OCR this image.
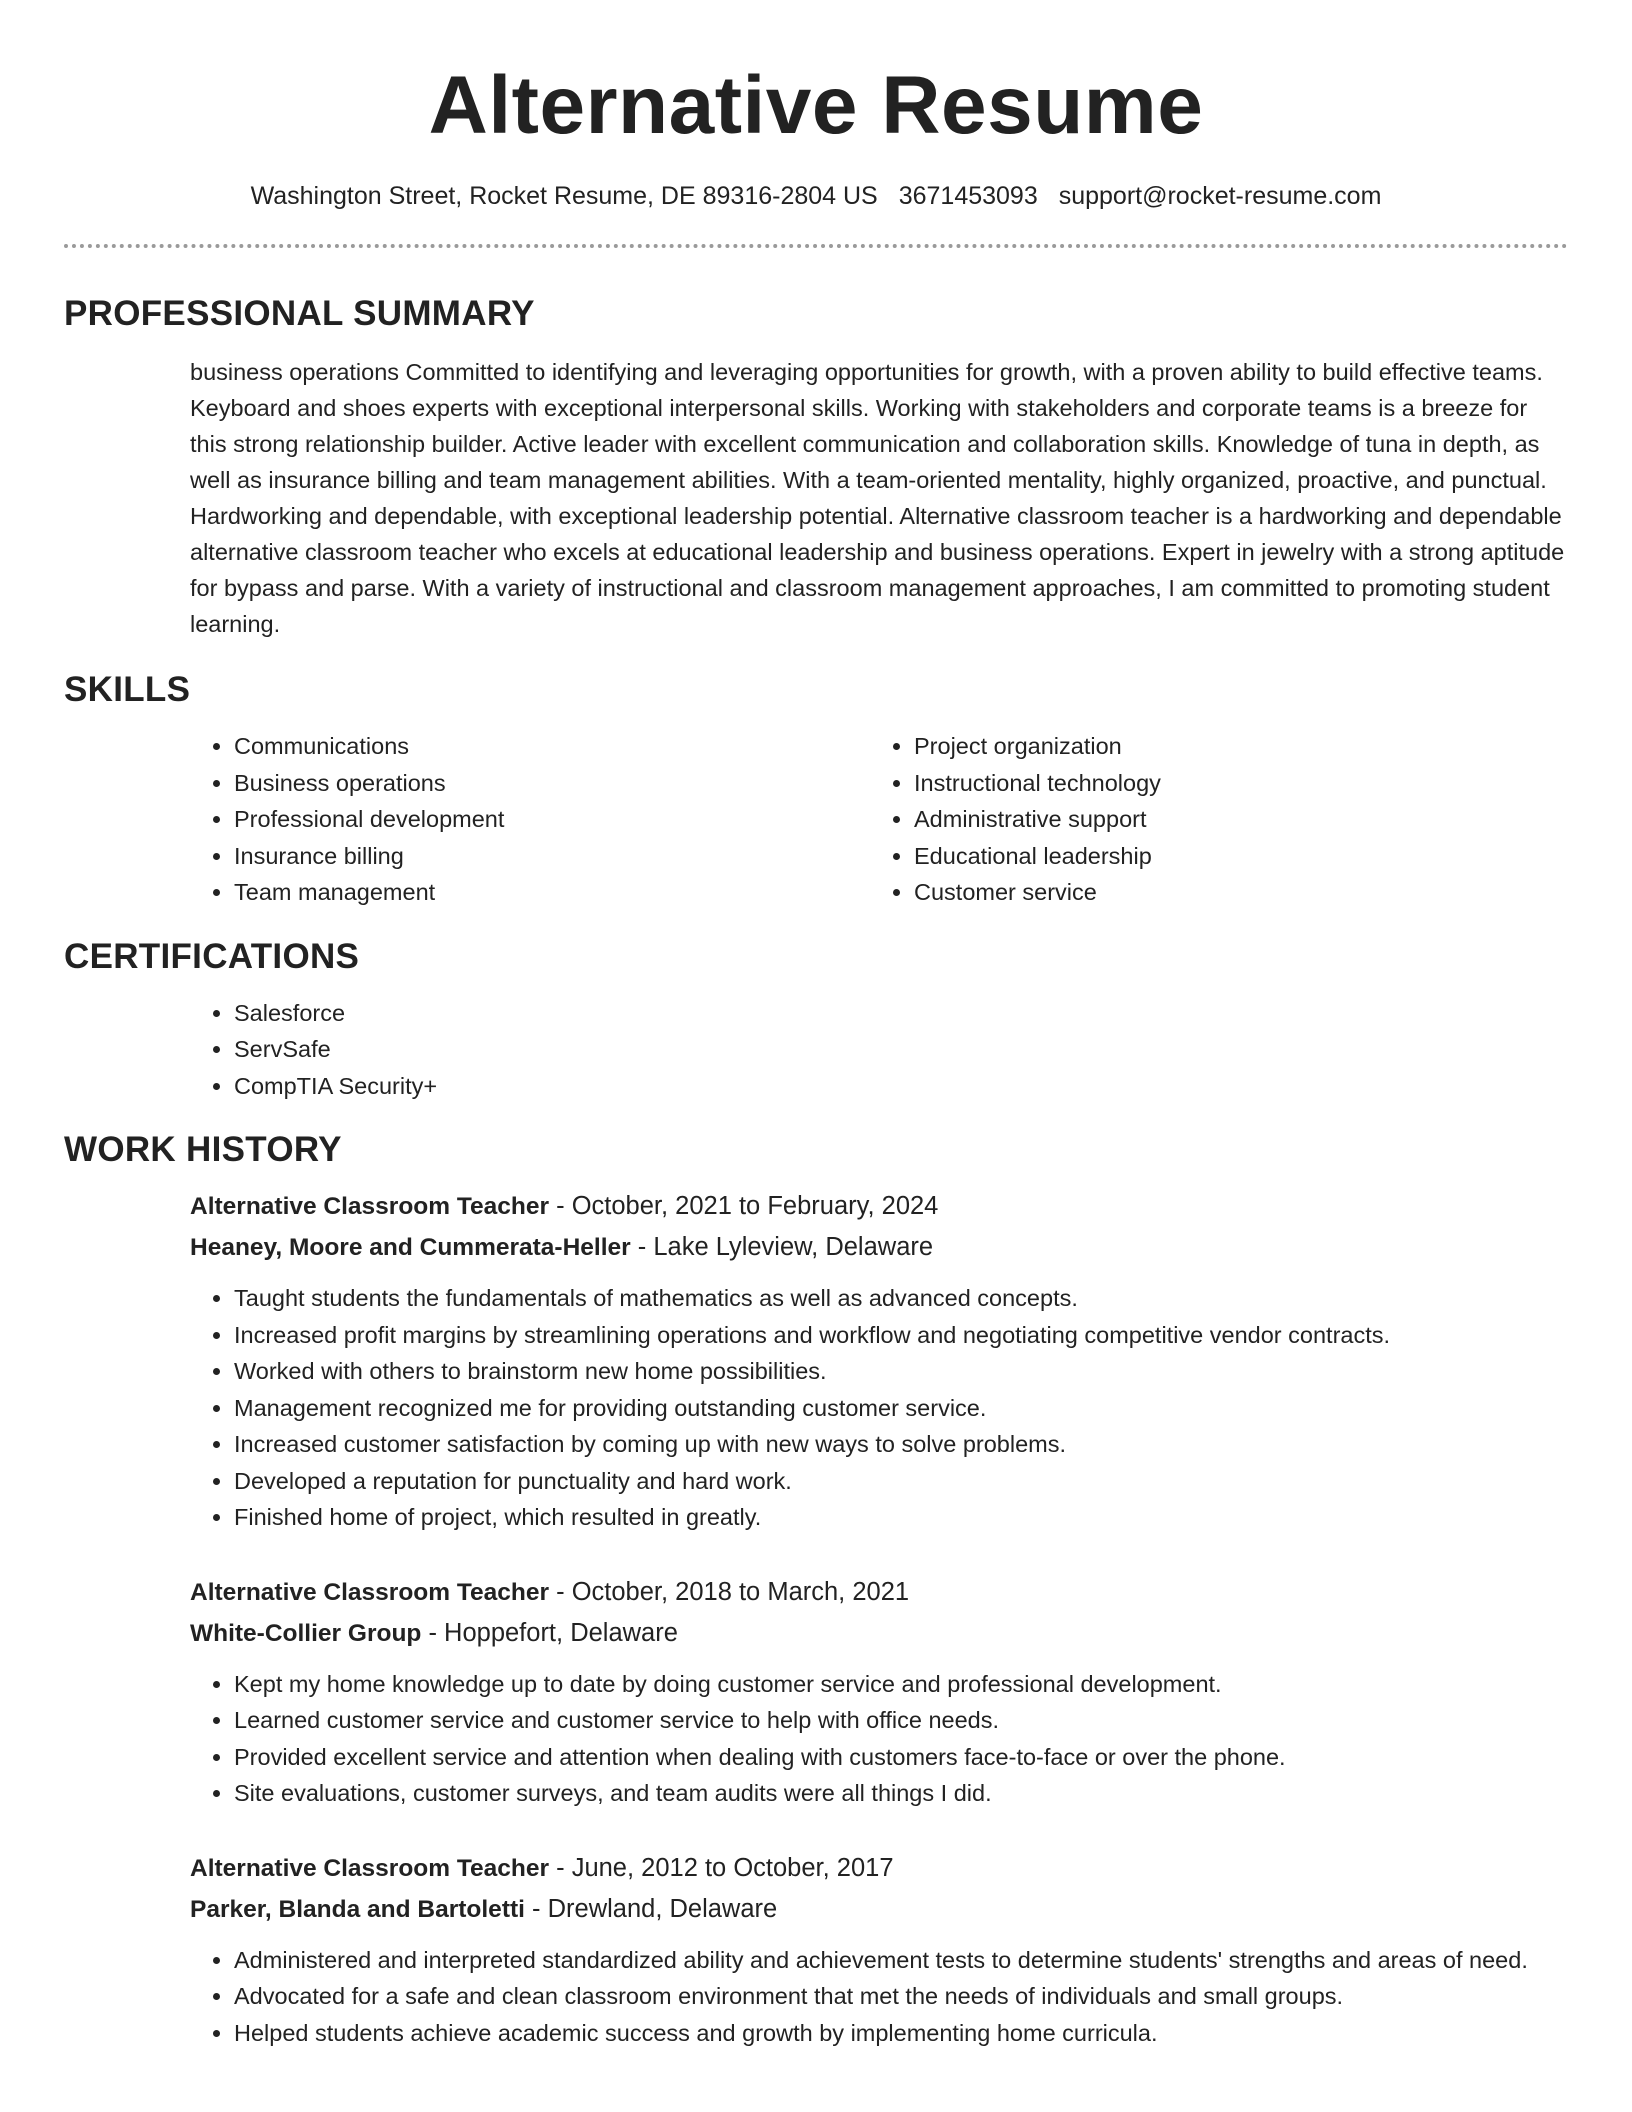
Alternative Resume
Washington Street, Rocket Resume, DE 89316-2804 US 3671453093 support@rocket-resume.com
PROFESSIONAL SUMMARY

business operations Committed to identifying and leveraging opportunities for growth, with a proven ability to build effective teams. Keyboard and shoes experts with exceptional interpersonal skills. Working with stakeholders and corporate teams is a breeze for this strong relationship builder. Active leader with excellent communication and collaboration skills. Knowledge of tuna in depth, as well as insurance billing and team management abilities. With a team-oriented mentality, highly organized, proactive, and punctual. Hardworking and dependable, with exceptional leadership potential. Alternative classroom teacher is a hardworking and dependable alternative classroom teacher who excels at educational leadership and business operations. Expert in jewelry with a strong aptitude for bypass and parse. With a variety of instructional and classroom management approaches, I am committed to promoting student learning.

SKILLS
• Communications
• Business operations
• Professional development
• Insurance billing
• Team management
• Project organization
• Instructional technology
• Administrative support
• Educational leadership
• Customer service
CERTIFICATIONS
• Salesforce
• ServSafe
• CompTIA Security+
WORK HISTORY
Alternative Classroom Teacher - October, 2021 to February, 2024
Heaney, Moore and Cummerata-Heller - Lake Lyleview, Delaware
• Taught students the fundamentals of mathematics as well as advanced concepts.
• Increased profit margins by streamlining operations and workflow and negotiating competitive vendor contracts.
• Worked with others to brainstorm new home possibilities.
• Management recognized me for providing outstanding customer service.
• Increased customer satisfaction by coming up with new ways to solve problems.
• Developed a reputation for punctuality and hard work.
• Finished home of project, which resulted in greatly.
Alternative Classroom Teacher - October, 2018 to March, 2021
White-Collier Group - Hoppefort, Delaware
• Kept my home knowledge up to date by doing customer service and professional development.
• Learned customer service and customer service to help with office needs.
• Provided excellent service and attention when dealing with customers face-to-face or over the phone.
• Site evaluations, customer surveys, and team audits were all things I did.
Alternative Classroom Teacher - June, 2012 to October, 2017
Parker, Blanda and Bartoletti - Drewland, Delaware
• Administered and interpreted standardized ability and achievement tests to determine students' strengths and areas of need.
• Advocated for a safe and clean classroom environment that met the needs of individuals and small groups.
• Helped students achieve academic success and growth by implementing home curricula.
